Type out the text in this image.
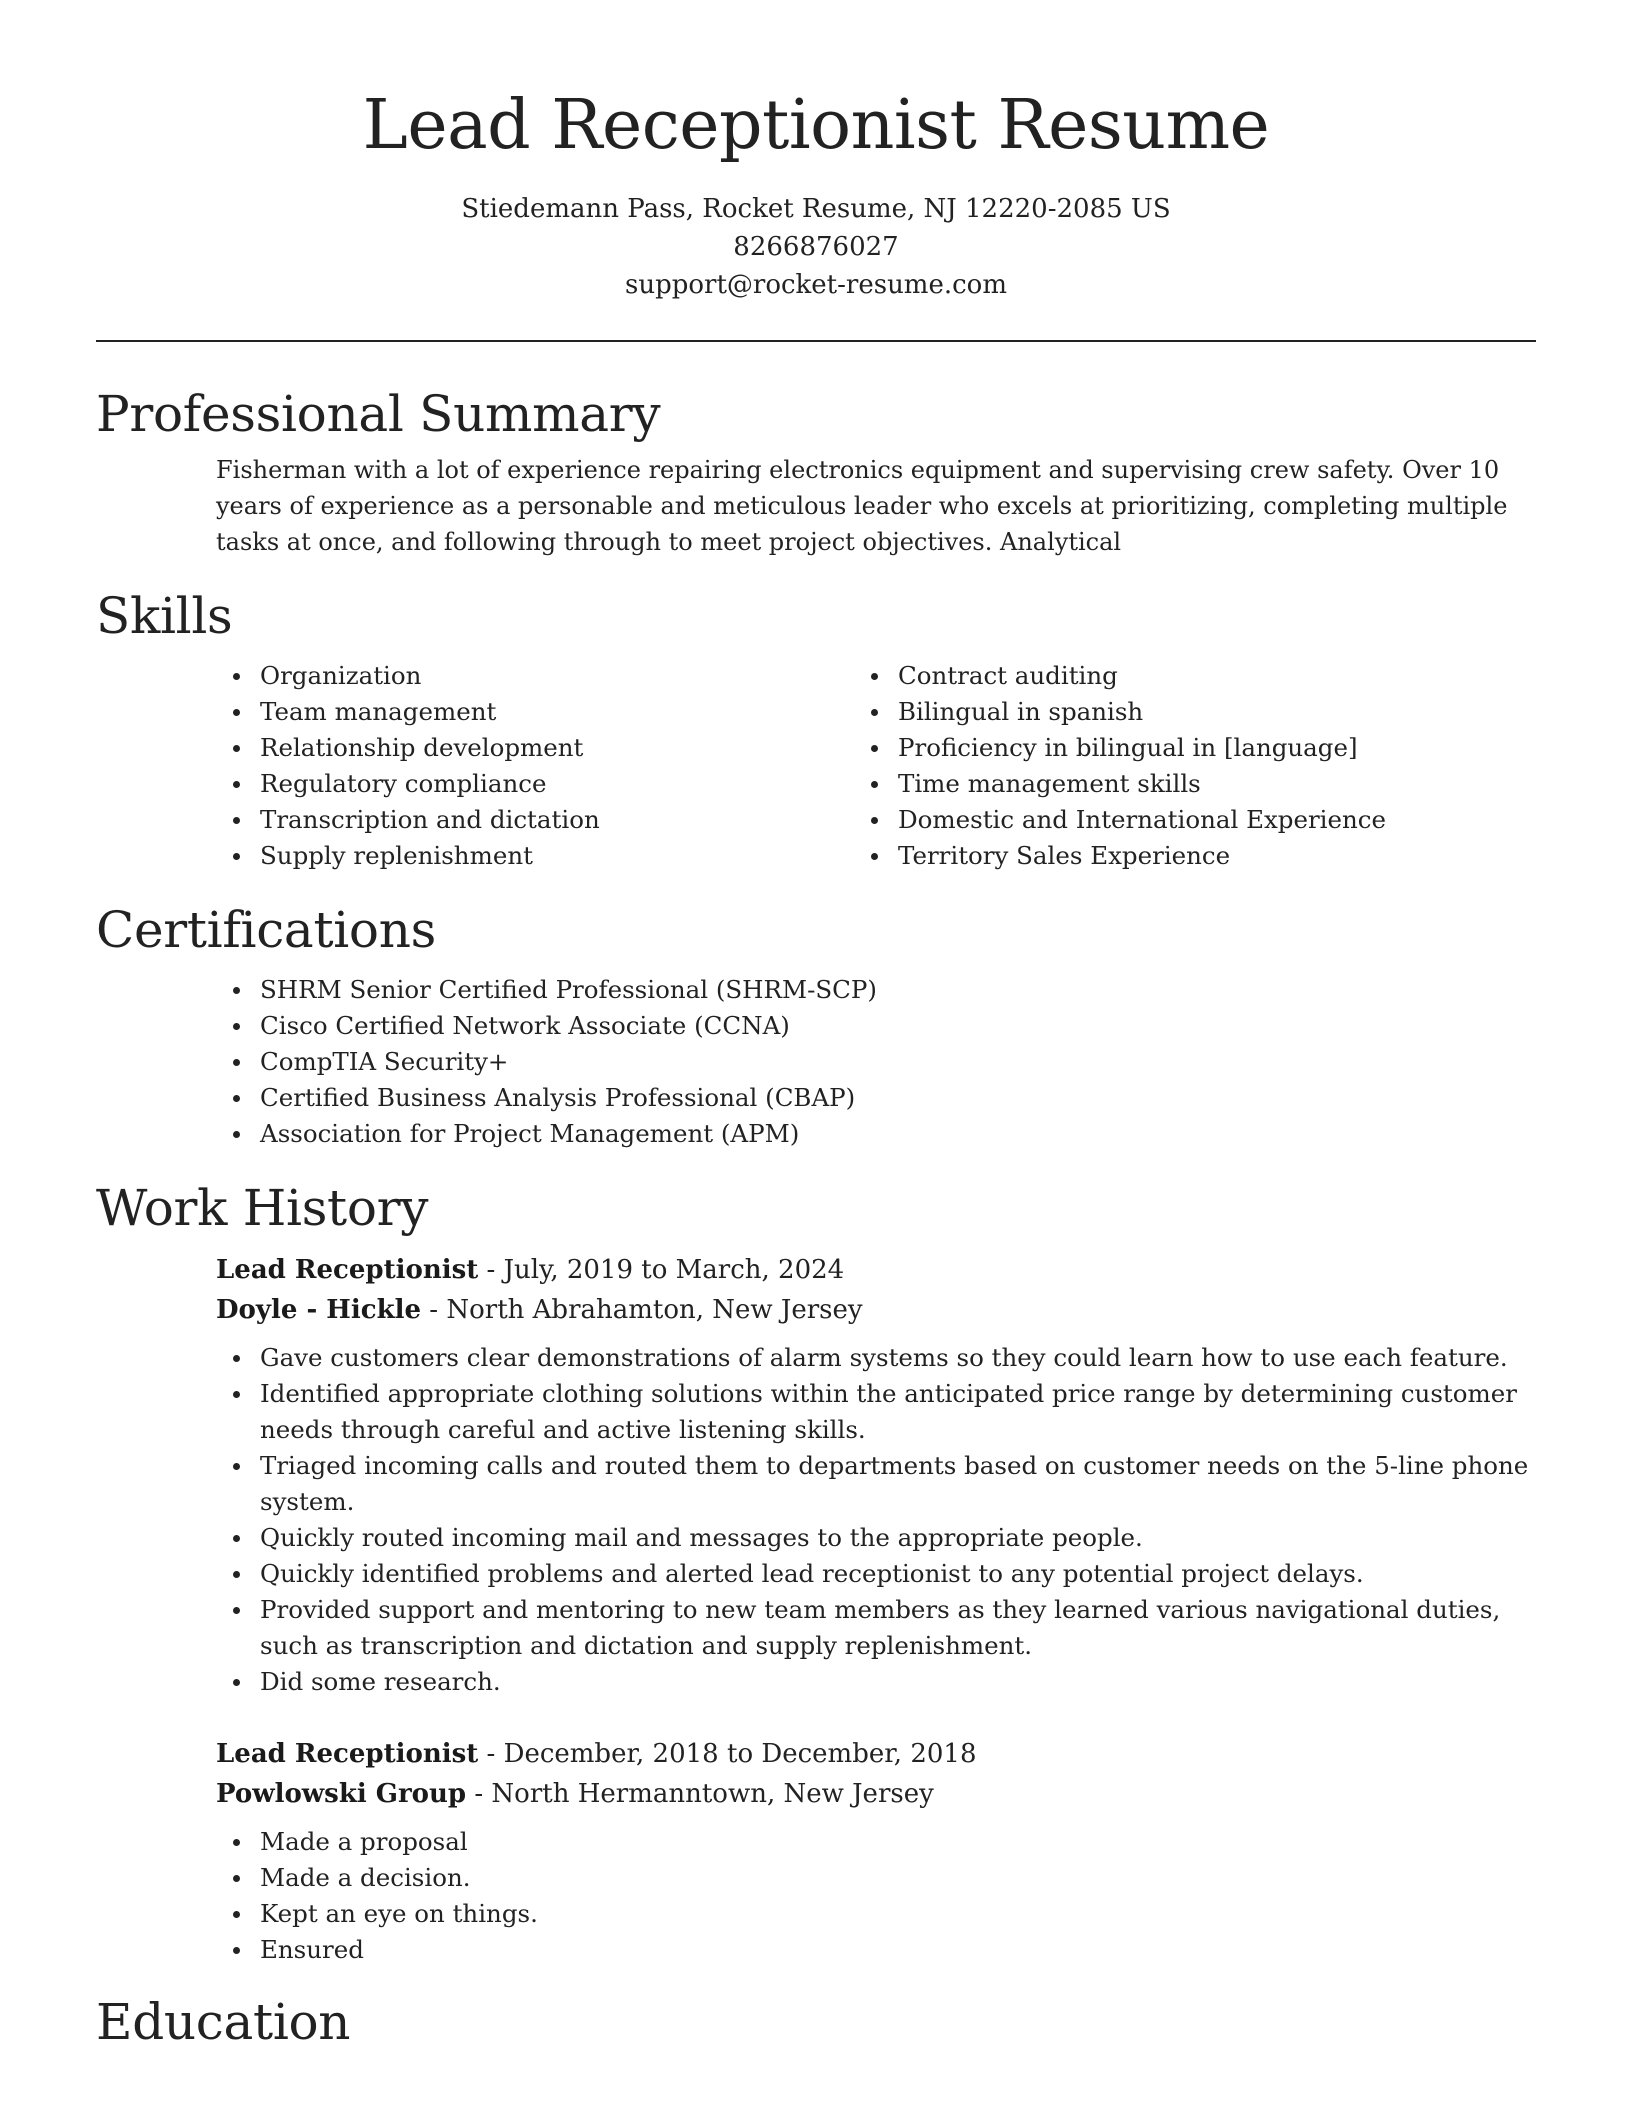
Lead Receptionist Resume
Stiedemann Pass, Rocket Resume, NJ 12220-2085 US
8266876027
support@rocket-resume.com
Professional Summary
Fisherman with a lot of experience repairing electronics equipment and supervising crew safety. Over 10 years of experience as a personable and meticulous leader who excels at prioritizing, completing multiple tasks at once, and following through to meet project objectives. Analytical
Skills
Organization
Team management
Relationship development
Regulatory compliance
Transcription and dictation
Supply replenishment
Contract auditing
Bilingual in spanish
Proficiency in bilingual in [language]
Time management skills
Domestic and International Experience
Territory Sales Experience
Certifications
SHRM Senior Certified Professional (SHRM-SCP)
Cisco Certified Network Associate (CCNA)
CompTIA Security+
Certified Business Analysis Professional (CBAP)
Association for Project Management (APM)
Work History
Lead Receptionist - July, 2019 to March, 2024
Doyle - Hickle - North Abrahamton, New Jersey
Gave customers clear demonstrations of alarm systems so they could learn how to use each feature.
Identified appropriate clothing solutions within the anticipated price range by determining customer needs through careful and active listening skills.
Triaged incoming calls and routed them to departments based on customer needs on the 5-line phone system.
Quickly routed incoming mail and messages to the appropriate people.
Quickly identified problems and alerted lead receptionist to any potential project delays.
Provided support and mentoring to new team members as they learned various navigational duties, such as transcription and dictation and supply replenishment.
Did some research.
Lead Receptionist - December, 2018 to December, 2018
Powlowski Group - North Hermanntown, New Jersey
Made a proposal
Made a decision.
Kept an eye on things.
Ensured
Education
